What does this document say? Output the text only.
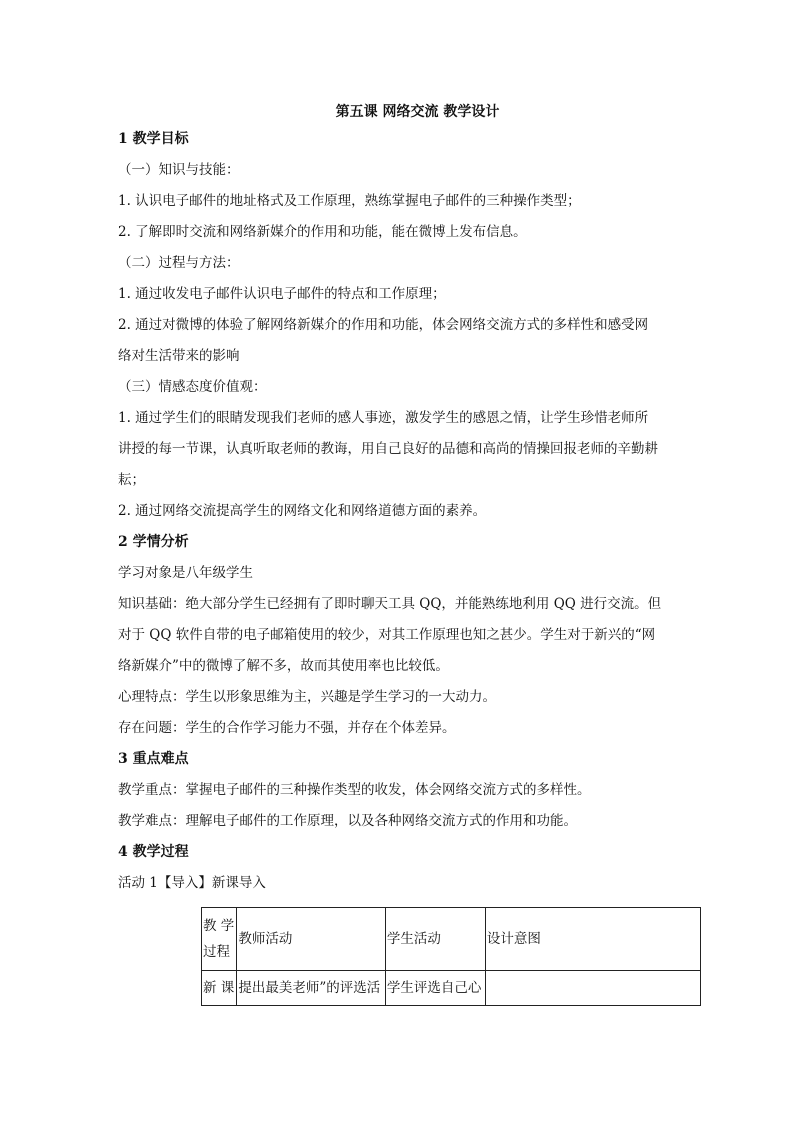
第五课 网络交流 教学设计
1 教学目标
（一）知识与技能：
1. 认识电子邮件的地址格式及工作原理，熟练掌握电子邮件的三种操作类型；
2. 了解即时交流和网络新媒介的作用和功能，能在微博上发布信息。
（二）过程与方法：
1. 通过收发电子邮件认识电子邮件的特点和工作原理；
2. 通过对微博的体验了解网络新媒介的作用和功能，体会网络交流方式的多样性和感受网
络对生活带来的影响
（三）情感态度价值观：
1. 通过学生们的眼睛发现我们老师的感人事迹，激发学生的感恩之情，让学生珍惜老师所
讲授的每一节课，认真听取老师的教诲，用自己良好的品德和高尚的情操回报老师的辛勤耕
耘；
2. 通过网络交流提高学生的网络文化和网络道德方面的素养。
2 学情分析
学习对象是八年级学生
知识基础：绝大部分学生已经拥有了即时聊天工具 QQ，并能熟练地利用 QQ 进行交流。但
对于 QQ 软件自带的电子邮箱使用的较少，对其工作原理也知之甚少。学生对于新兴的“网
络新媒介”中的微博了解不多，故而其使用率也比较低。
心理特点：学生以形象思维为主，兴趣是学生学习的一大动力。
存在问题：学生的合作学习能力不强，并存在个体差异。
3 重点难点
教学重点：掌握电子邮件的三种操作类型的收发，体会网络交流方式的多样性。
教学难点：理解电子邮件的工作原理，以及各种网络交流方式的作用和功能。
4 教学过程
活动 1【导入】新课导入
教 学
过程	教师活动	学生活动	设计意图
新 课	提出最美老师”的评选活	学生评选自己心	
